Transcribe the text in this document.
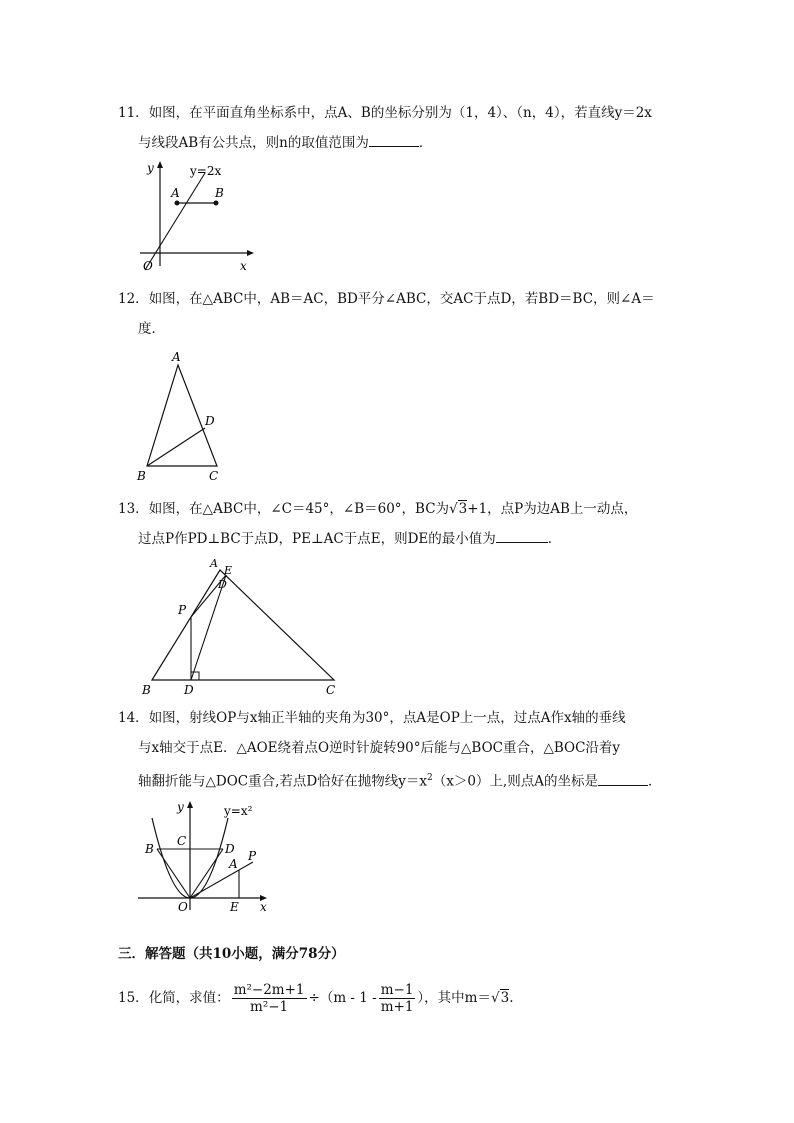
11．如图，在平面直角坐标系中，点A、B的坐标分别为（1，4）、（n，4），若直线y＝2x
与线段AB有公共点，则n的取值范围为	．
y
x
O
A	B
y=2x
12．如图，在△ABC中，AB＝AC，BD平分∠ABC，交AC于点D，若BD＝BC，则∠A＝
度．
A
B	C
D
13．如图，在△ABC中，∠C＝45°，∠B＝60°，BC为√3+1，点P为边AB上一动点，
过点P作PD⊥BC于点D，PE⊥AC于点E，则DE的最小值为	．
A
E
D
P
B	D	C
14．如图，射线OP与x轴正半轴的夹角为30°，点A是OP上一点，过点A作x轴的垂线
与x轴交于点E．△AOE绕着点O逆时针旋转90°后能与△BOC重合，△BOC沿着y
轴翻折能与△DOC重合,若点D恰好在抛物线$y=x^2(x>0)$上,则点A的坐标是	．
y	y=x²
C
B	D
A
P
O	E x
三．解答题（共10小题，满分78分）
15．化简，求值： $\frac{\text{m²−2m+1}}{\text{m²−1}} \div(m - 1 - \frac{m-1}{m+1}$ ），其中m＝√3.
